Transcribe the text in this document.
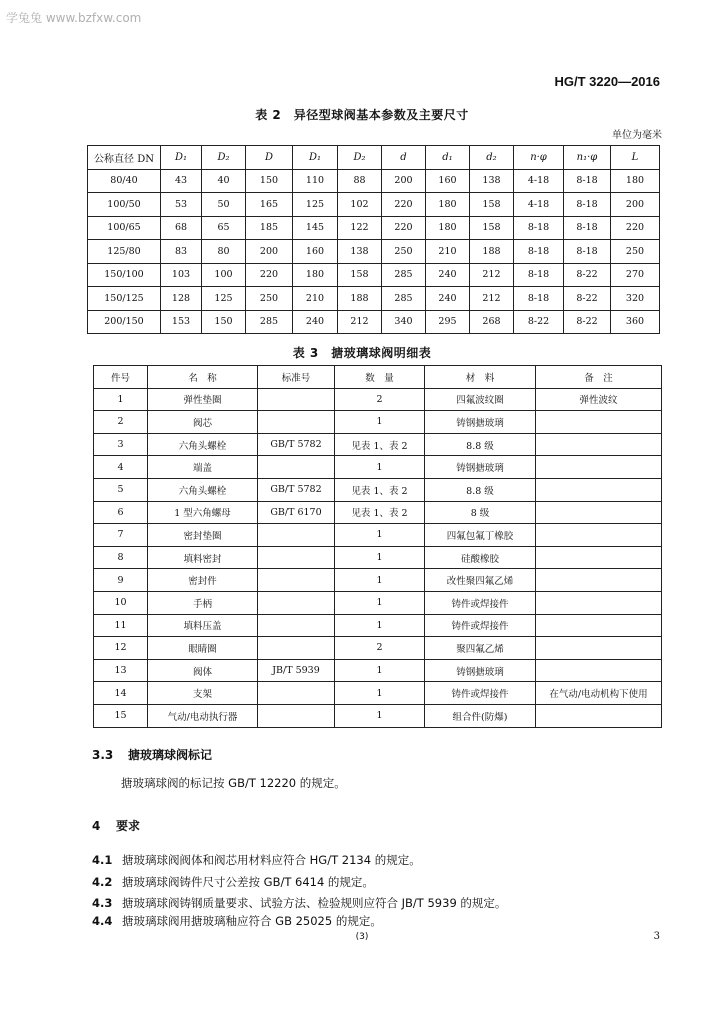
学兔兔 www.bzfxw.com
HG/T 3220—2016
表 2　异径型球阀基本参数及主要尺寸
单位为毫米
公称直径 DN	D₁	D₂	D	D₁	D₂	d	d₁	d₂	n·φ	n₁·φ	L
80/40	43	40	150	110	88	200	160	138	4-18	8-18	180
100/50	53	50	165	125	102	220	180	158	4-18	8-18	200
100/65	68	65	185	145	122	220	180	158	8-18	8-18	220
125/80	83	80	200	160	138	250	210	188	8-18	8-18	250
150/100	103	100	220	180	158	285	240	212	8-18	8-22	270
150/125	128	125	250	210	188	285	240	212	8-18	8-22	320
200/150	153	150	285	240	212	340	295	268	8-22	8-22	360
表 3　搪玻璃球阀明细表
件号	名　称	标准号	数　量	材　料	备　注
1	弹性垫圈		2	四氟波纹圈	弹性波纹
2	阀芯		1	铸钢搪玻璃	
3	六角头螺栓	GB/T 5782	见表 1、表 2	8.8 级	
4	端盖		1	铸钢搪玻璃	
5	六角头螺栓	GB/T 5782	见表 1、表 2	8.8 级	
6	1 型六角螺母	GB/T 6170	见表 1、表 2	8 级	
7	密封垫圈		1	四氟包氟丁橡胶	
8	填料密封		1	硅酸橡胶	
9	密封件		1	改性聚四氟乙烯	
10	手柄		1	铸件或焊接件	
11	填料压盖		1	铸件或焊接件	
12	眼睛圈		2	聚四氟乙烯	
13	阀体	JB/T 5939	1	铸钢搪玻璃	
14	支架		1	铸件或焊接件	在气动/电动机构下使用
15	气动/电动执行器		1	组合件(防爆)	
3.3 搪玻璃球阀标记
搪玻璃球阀的标记按 GB/T 12220 的规定。
4 要求
4.1 搪玻璃球阀阀体和阀芯用材料应符合 HG/T 2134 的规定。
4.2 搪玻璃球阀铸件尺寸公差按 GB/T 6414 的规定。
4.3 搪玻璃球阀铸钢质量要求、试验方法、检验规则应符合 JB/T 5939 的规定。
4.4 搪玻璃球阀用搪玻璃釉应符合 GB 25025 的规定。
(3)	3
